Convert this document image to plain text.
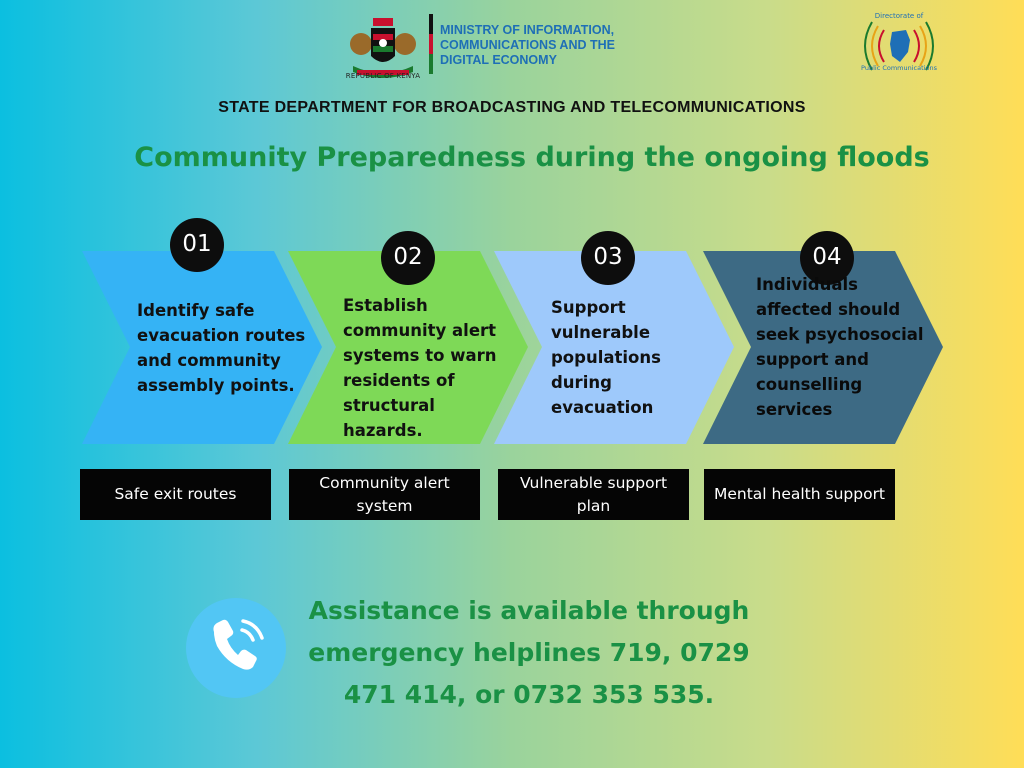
REPUBLIC OF KENYA
MINISTRY OF INFORMATION,
COMMUNICATIONS AND THE
DIGITAL ECONOMY
Directorate of
Public Communications
STATE DEPARTMENT FOR BROADCASTING AND TELECOMMUNICATIONS
Community Preparedness during the ongoing floods
01	02	03	04
Identify safe evacuation routes and community assembly points.
Establish community alert systems to warn residents of structural hazards.
Support vulnerable populations during evacuation
Individuals affected should seek psychosocial support and counselling services
Safe exit routes
Community alert system
Vulnerable support plan
Mental health support
Assistance is available through emergency helplines 719, 0729 471 414, or 0732 353 535.
